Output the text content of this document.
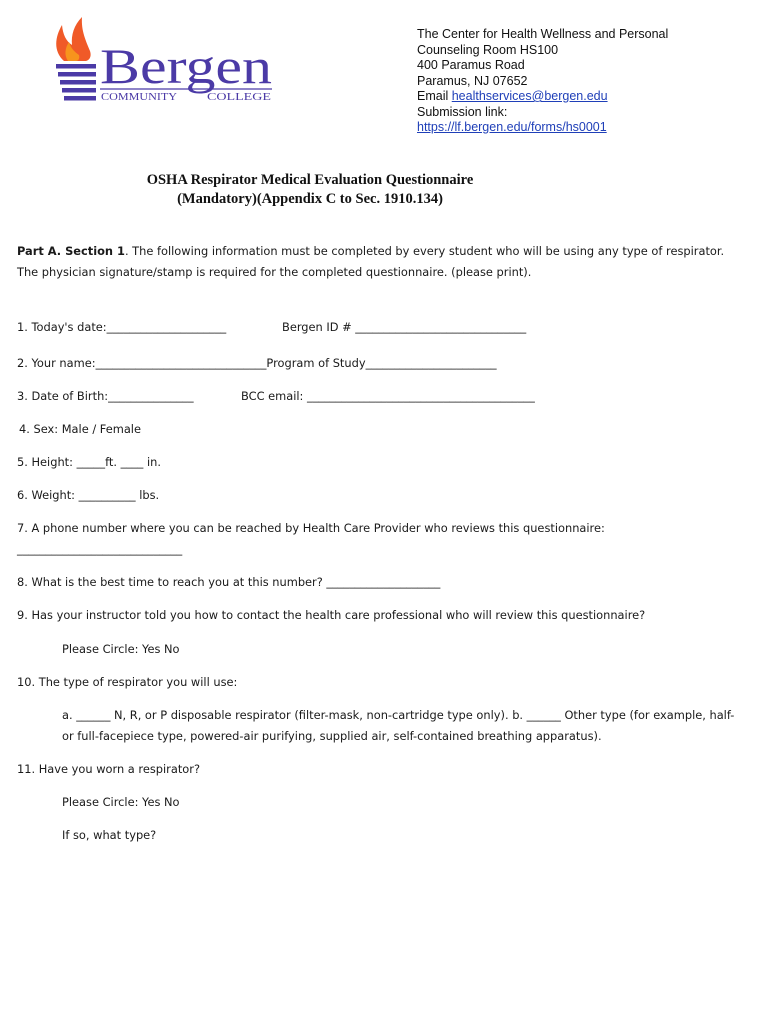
Bergen
COMMUNITY	COLLEGE
The Center for Health Wellness and Personal
Counseling Room HS100
400 Paramus Road
Paramus, NJ 07652
Email healthservices@bergen.edu
Submission link:
https://lf.bergen.edu/forms/hs0001
OSHA Respirator Medical Evaluation Questionnaire
(Mandatory)(Appendix C to Sec. 1910.134)
Part A. Section 1. The following information must be completed by every student who will be using any type of respirator.
The physician signature/stamp is required for the completed questionnaire. (please print).
1. Today's date:_____________________	Bergen ID # ______________________________
2. Your name:______________________________Program of Study_______________________
3. Date of Birth:_______________	BCC email: ________________________________________
4. Sex: Male / Female
5. Height: _____ft. ____ in.
6. Weight: __________ lbs.
7. A phone number where you can be reached by Health Care Provider who reviews this questionnaire:
_____________________________
8. What is the best time to reach you at this number? ____________________
9. Has your instructor told you how to contact the health care professional who will review this questionnaire?
Please Circle: Yes No
10. The type of respirator you will use:
a. ______ N, R, or P disposable respirator (filter-mask, non-cartridge type only). b. ______ Other type (for example, half-
or full-facepiece type, powered-air purifying, supplied air, self-contained breathing apparatus).
11. Have you worn a respirator?
Please Circle: Yes No
If so, what type?
